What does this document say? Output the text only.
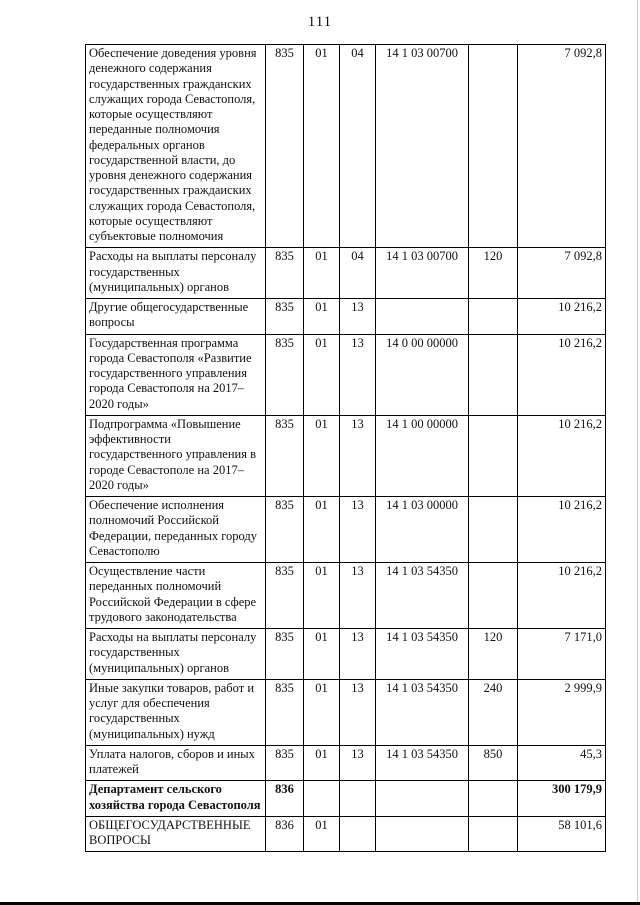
111
Обеспечение доведения уровня денежного содержания государственных гражданских служащих города Севастополя, которые осуществляют переданные полномочия федеральных органов государственной власти, до уровня денежного содержания государственных граждаиских служащих города Севастополя, которые осуществляют субъектовые полномочия	835	01	04	14 1 03 00700		7 092,8
Расходы на выплаты персоналу государственных (муниципальных) органов	835	01	04	14 1 03 00700	120	7 092,8
Другие общегосударственные вопросы	835	01	13			10 216,2
Государственная программа города Севастополя «Развитие государственного управления города Севастополя на 2017–2020 годы»	835	01	13	14 0 00 00000		10 216,2
Подпрограмма «Повышение эффективности государственного управления в городе Севастополе на 2017–2020 годы»	835	01	13	14 1 00 00000		10 216,2
Обеспечение исполнения полномочий Российской Федерации, переданных городу Севастополю	835	01	13	14 1 03 00000		10 216,2
Осуществление части переданных полномочий Российской Федерации в сфере трудового законодательства	835	01	13	14 1 03 54350		10 216,2
Расходы на выплаты персоналу государственных (муниципальных) органов	835	01	13	14 1 03 54350	120	7 171,0
Иные закупки товаров, работ и услуг для обеспечения государственных (муниципальных) нужд	835	01	13	14 1 03 54350	240	2 999,9
Уплата налогов, сборов и иных платежей	835	01	13	14 1 03 54350	850	45,3
Департамент сельского хозяйства города Севастополя	836					300 179,9
ОБЩЕГОСУДАРСТВЕННЫЕ ВОПРОСЫ	836	01				58 101,6
